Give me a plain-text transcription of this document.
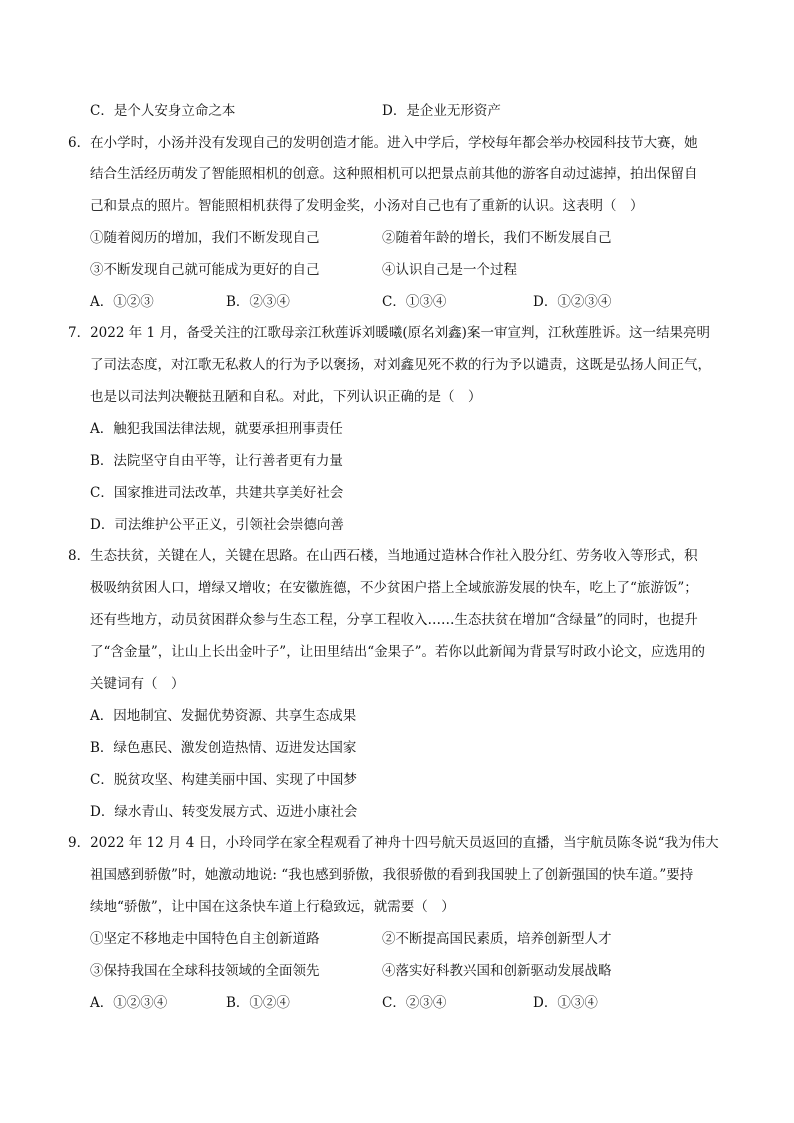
C．是个人安身立命之本	D．是企业无形资产
6．在小学时，小汤并没有发现自己的发明创造才能。进入中学后，学校每年都会举办校园科技节大赛，她
结合生活经历萌发了智能照相机的创意。这种照相机可以把景点前其他的游客自动过滤掉，拍出保留自
己和景点的照片。智能照相机获得了发明金奖，小汤对自己也有了重新的认识。这表明（　）
①随着阅历的增加，我们不断发现自己	②随着年龄的增长，我们不断发展自己
③不断发现自己就可能成为更好的自己	④认识自己是一个过程
A．①②③	B．②③④	C．①③④	D．①②③④
7．2022 年 1 月，备受关注的江歌母亲江秋莲诉刘暖曦(原名刘鑫)案一审宣判，江秋莲胜诉。这一结果亮明
了司法态度，对江歌无私救人的行为予以褒扬，对刘鑫见死不救的行为予以谴责，这既是弘扬人间正气，
也是以司法判决鞭挞丑陋和自私。对此，下列认识正确的是（　）
A．触犯我国法律法规，就要承担刑事责任
B．法院坚守自由平等，让行善者更有力量
C．国家推进司法改革，共建共享美好社会
D．司法维护公平正义，引领社会崇德向善
8．生态扶贫，关键在人，关键在思路。在山西石楼，当地通过造林合作社入股分红、劳务收入等形式，积
极吸纳贫困人口，增绿又增收；在安徽旌德，不少贫困户搭上全域旅游发展的快车，吃上了“旅游饭”；
还有些地方，动员贫困群众参与生态工程，分享工程收入……生态扶贫在增加“含绿量”的同时，也提升
了“含金量”，让山上长出金叶子”，让田里结出“金果子”。若你以此新闻为背景写时政小论文，应选用的
关键词有（　）
A．因地制宜、发掘优势资源、共享生态成果
B．绿色惠民、激发创造热情、迈进发达国家
C．脱贫攻坚、构建美丽中国、实现了中国梦
D．绿水青山、转变发展方式、迈进小康社会
9．2022 年 12 月 4 日，小玲同学在家全程观看了神舟十四号航天员返回的直播，当宇航员陈冬说“我为伟大
祖国感到骄傲”时，她激动地说: “我也感到骄傲，我很骄傲的看到我国驶上了创新强国的快车道。”要持
续地“骄傲”，让中国在这条快车道上行稳致远，就需要（　）
①坚定不移地走中国特色自主创新道路	②不断提高国民素质，培养创新型人才
③保持我国在全球科技领域的全面领先	④落实好科教兴国和创新驱动发展战略
A．①②③④	B．①②④	C．②③④	D．①③④
